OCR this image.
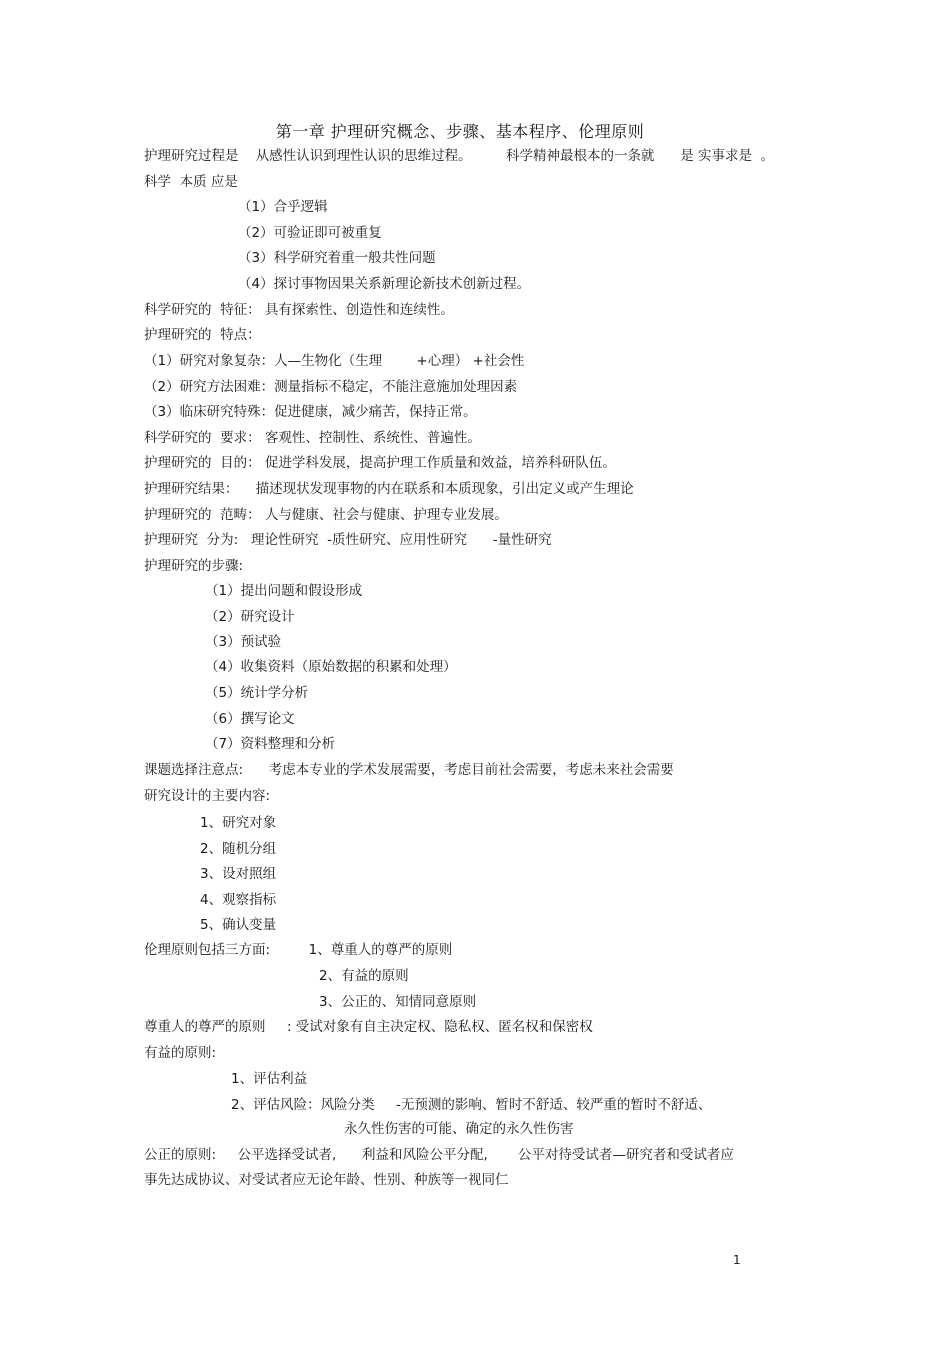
第一章 护理研究概念、步骤、基本程序、伦理原则
护理研究过程是    从感性认识到理性认识的思维过程。        科学精神最根本的一条就      是 实事求是  。
科学  本质 应是
（1）合乎逻辑
（2）可验证即可被重复
（3）科学研究着重一般共性问题
（4）探讨事物因果关系新理论新技术创新过程。
科学研究的  特征： 具有探索性、创造性和连续性。
护理研究的  特点：
（1）研究对象复杂：人—生物化（生理        +心理） +社会性
（2）研究方法困难：测量指标不稳定，不能注意施加处理因素
（3）临床研究特殊：促进健康，减少痛苦，保持正常。
科学研究的  要求： 客观性、控制性、系统性、普遍性。
护理研究的  目的： 促进学科发展，提高护理工作质量和效益，培养科研队伍。
护理研究结果：    描述现状发现事物的内在联系和本质现象，引出定义或产生理论
护理研究的  范畴： 人与健康、社会与健康、护理专业发展。
护理研究  分为:   理论性研究  -质性研究、应用性研究      -量性研究
护理研究的步骤:
（1）提出问题和假设形成
（2）研究设计
（3）预试验
（4）收集资料（原始数据的积累和处理）
（5）统计学分析
（6）撰写论文
（7）资料整理和分析
课题选择注意点:      考虑本专业的学术发展需要，考虑目前社会需要，考虑未来社会需要
研究设计的主要内容:
1、研究对象
2、随机分组
3、设对照组
4、观察指标
5、确认变量
伦理原则包括三方面:         1、尊重人的尊严的原则
2、有益的原则
3、公正的、知情同意原则
尊重人的尊严的原则     : 受试对象有自主决定权、隐私权、匿名权和保密权
有益的原则:
1、评估利益
2、评估风险：风险分类     -无预测的影响、暂时不舒适、较严重的暂时不舒适、
永久性伤害的可能、确定的永久性伤害
公正的原则:     公平选择受试者,      利益和风险公平分配,       公平对待受试者—研究者和受试者应
事先达成协议、对受试者应无论年龄、性别、种族等一视同仁
1
